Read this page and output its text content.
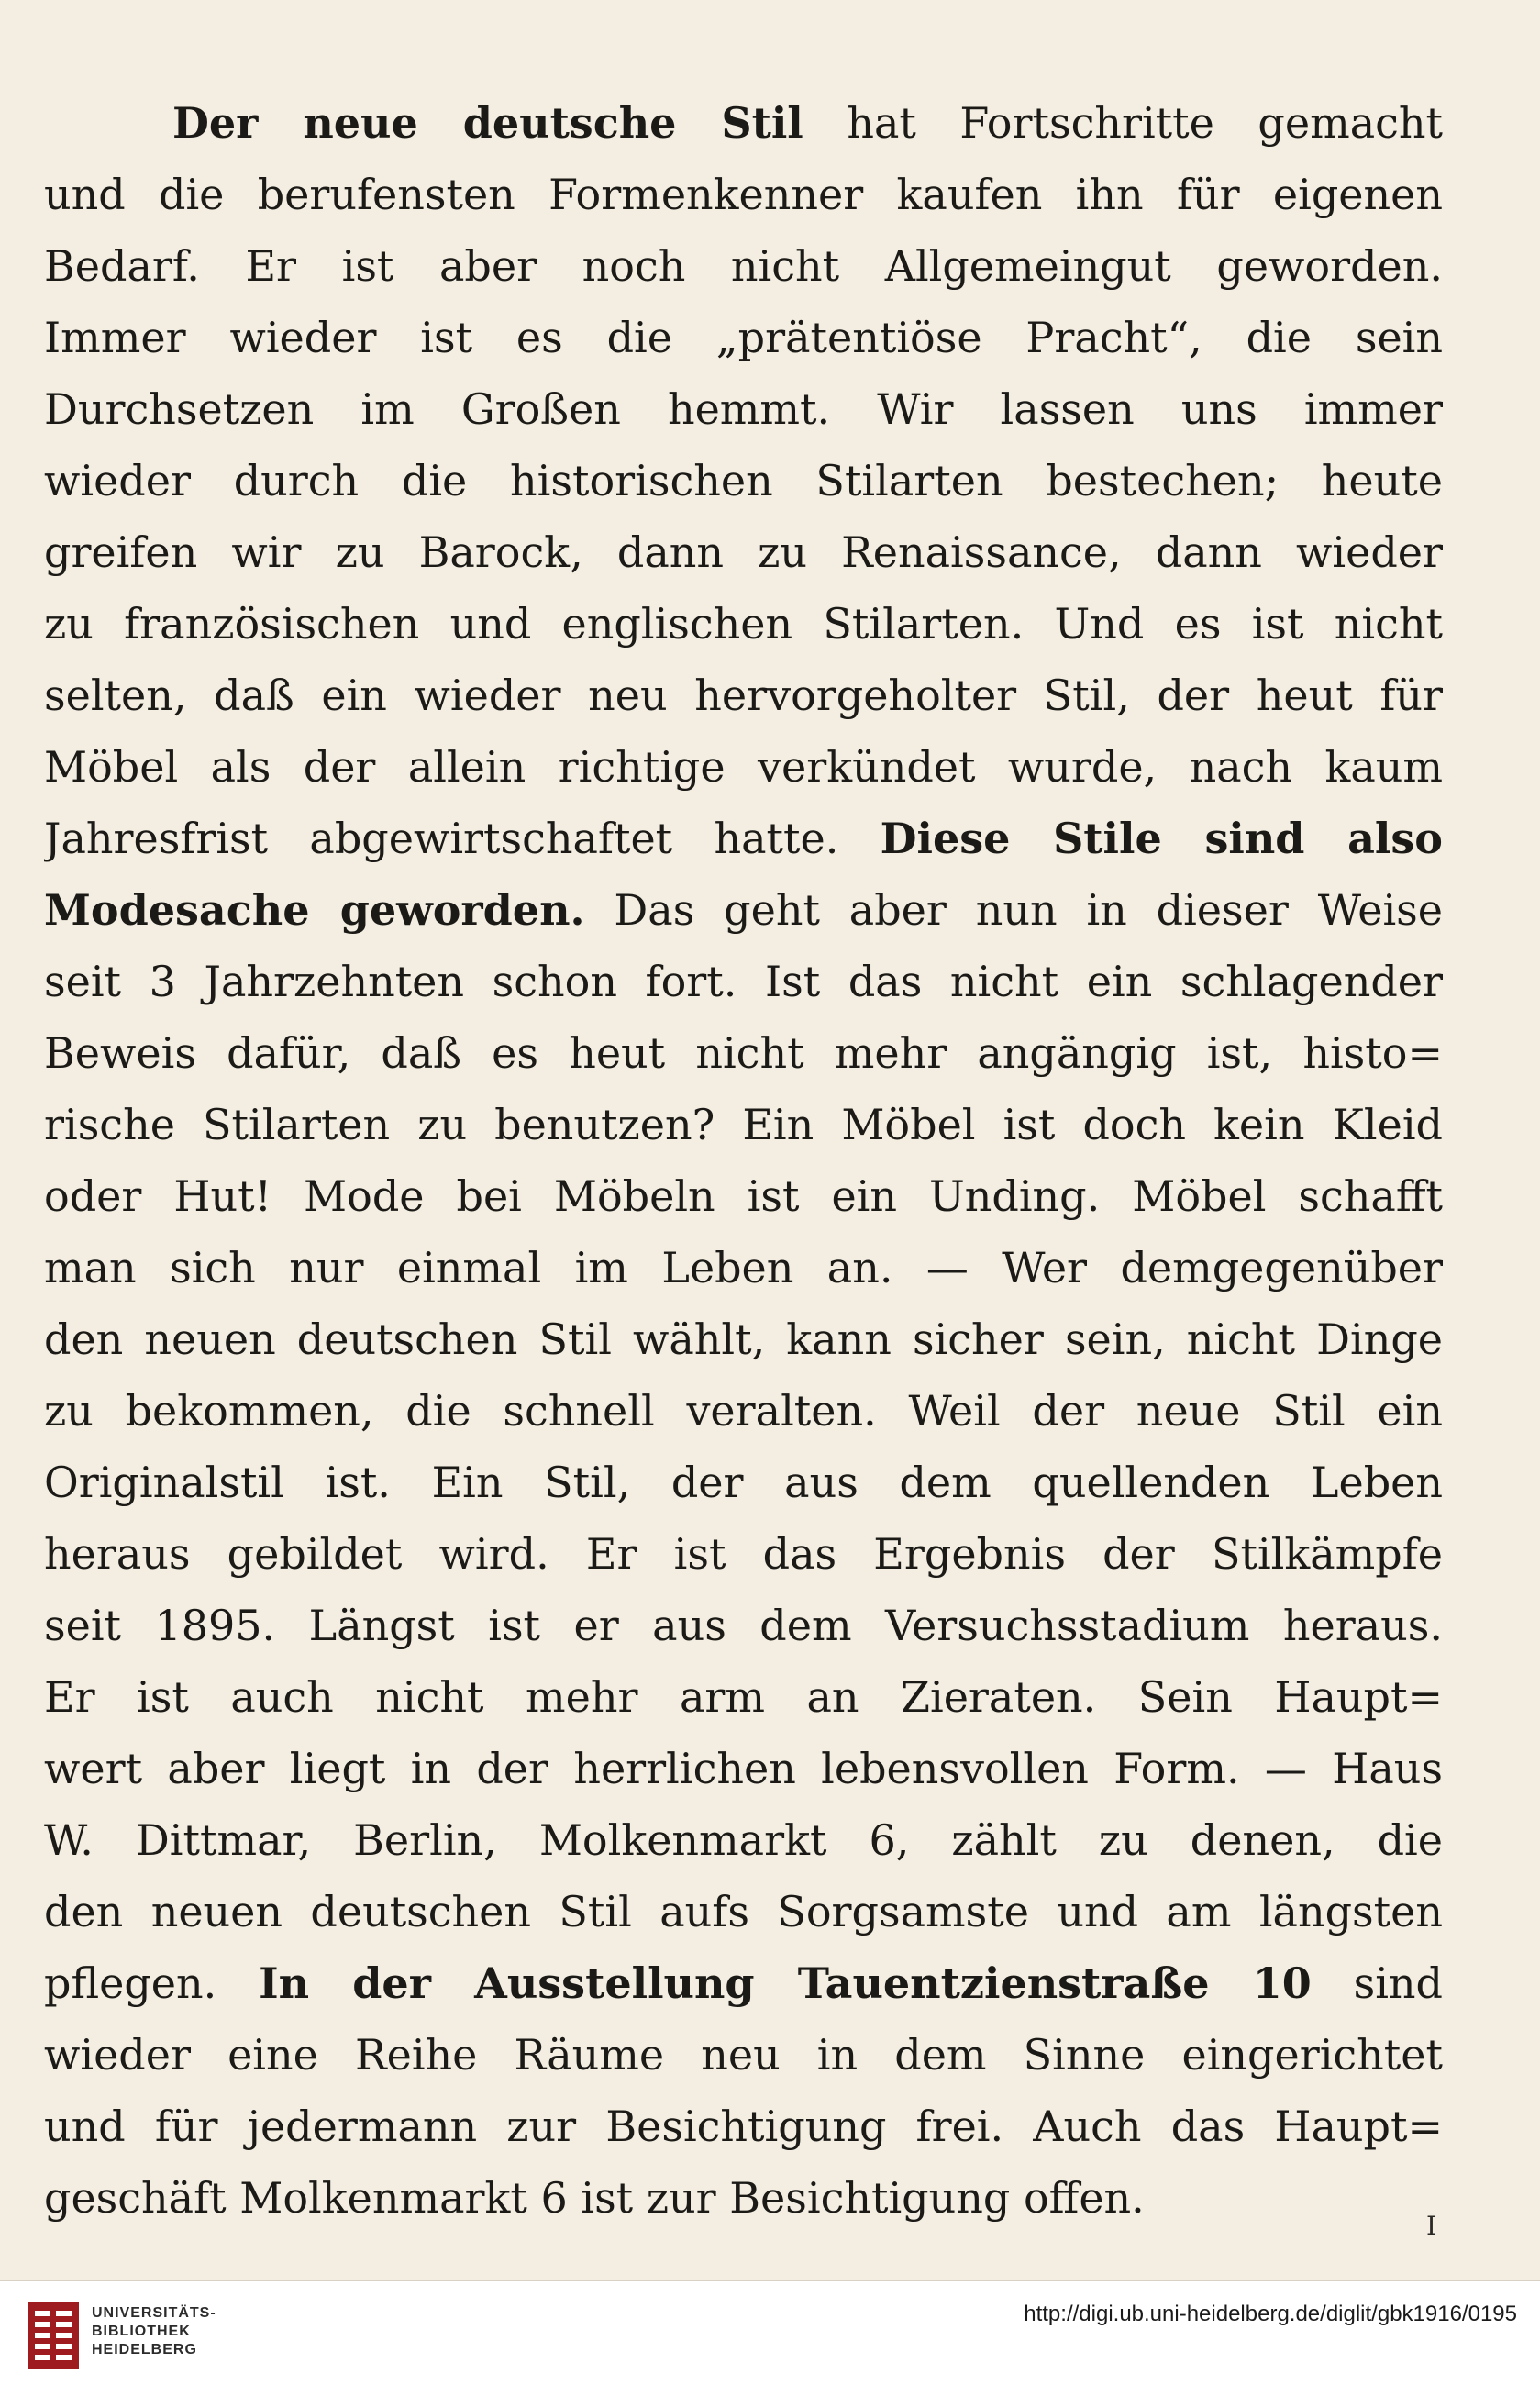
Der neue deutsche Stil hat Fortschritte gemacht
und die berufensten Formenkenner kaufen ihn für eigenen
Bedarf. Er ist aber noch nicht Allgemeingut geworden.
Immer wieder ist es die „prätentiöse Pracht“, die sein
Durchsetzen im Großen hemmt. Wir lassen uns immer
wieder durch die historischen Stilarten bestechen; heute
greifen wir zu Barock, dann zu Renaissance, dann wieder
zu französischen und englischen Stilarten. Und es ist nicht
selten, daß ein wieder neu hervorgeholter Stil, der heut für
Möbel als der allein richtige verkündet wurde, nach kaum
Jahresfrist abgewirtschaftet hatte. Diese Stile sind also
Modesache geworden. Das geht aber nun in dieser Weise
seit 3 Jahrzehnten schon fort. Ist das nicht ein schlagender
Beweis dafür, daß es heut nicht mehr angängig ist, histo=
rische Stilarten zu benutzen? Ein Möbel ist doch kein Kleid
oder Hut! Mode bei Möbeln ist ein Unding. Möbel schafft
man sich nur einmal im Leben an. — Wer demgegenüber
den neuen deutschen Stil wählt, kann sicher sein, nicht Dinge
zu bekommen, die schnell veralten. Weil der neue Stil ein
Originalstil ist. Ein Stil, der aus dem quellenden Leben
heraus gebildet wird. Er ist das Ergebnis der Stilkämpfe
seit 1895. Längst ist er aus dem Versuchsstadium heraus.
Er ist auch nicht mehr arm an Zieraten. Sein Haupt=
wert aber liegt in der herrlichen lebensvollen Form. — Haus
W. Dittmar, Berlin, Molkenmarkt 6, zählt zu denen, die
den neuen deutschen Stil aufs Sorgsamste und am längsten
pflegen. In der Ausstellung Tauentzienstraße 10 sind
wieder eine Reihe Räume neu in dem Sinne eingerichtet
und für jedermann zur Besichtigung frei. Auch das Haupt=
geschäft Molkenmarkt 6 ist zur Besichtigung offen.
I
UNIVERSITÄTS-
BIBLIOTHEK
HEIDELBERG
http://digi.ub.uni-heidelberg.de/diglit/gbk1916/0195
